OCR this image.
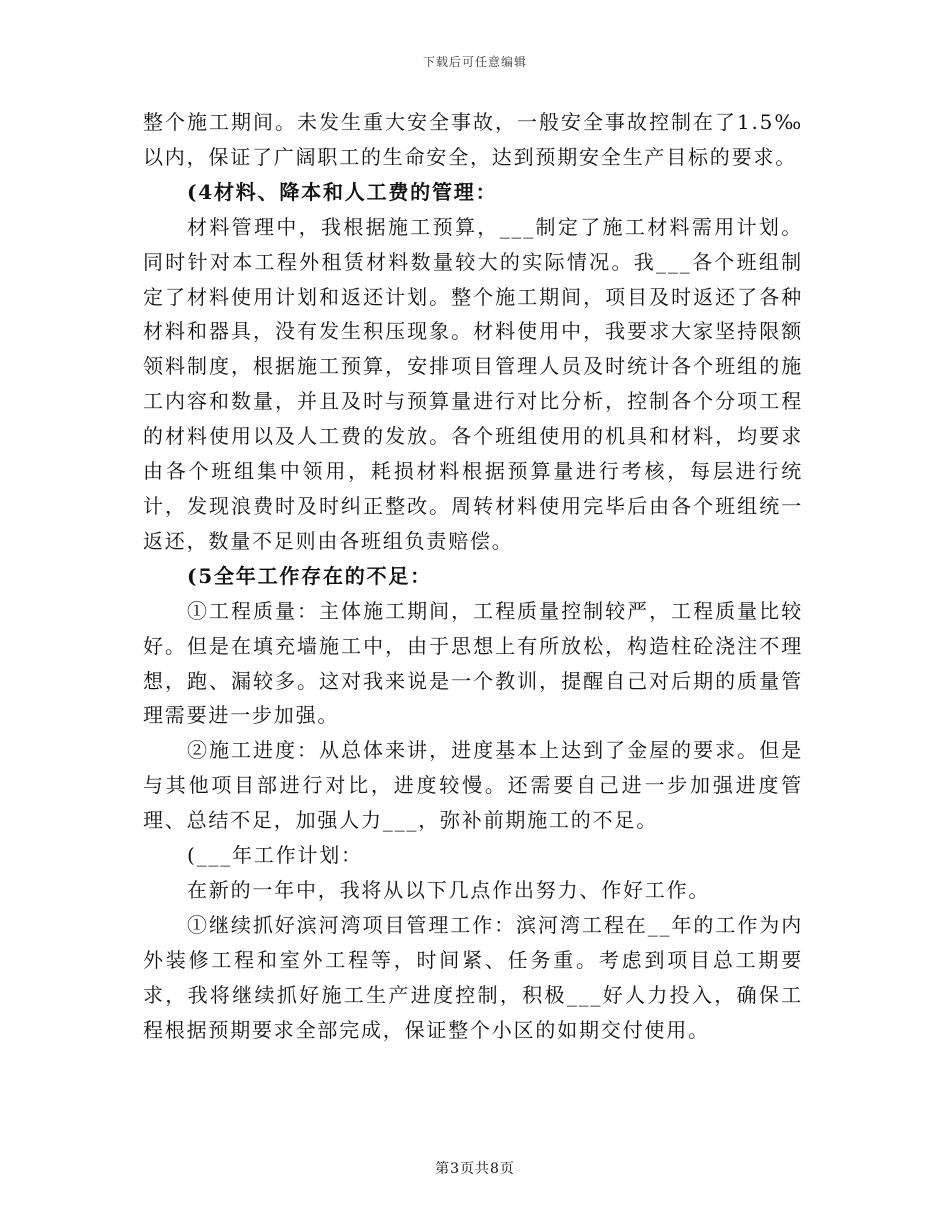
下载后可任意编辑

整个施工期间。未发生重大安全事故，一般安全事故控制在了1.5‰以内，保证了广阔职工的生命安全，达到预期安全生产目标的要求。

(4材料、降本和人工费的管理：

材料管理中，我根据施工预算，___制定了施工材料需用计划。同时针对本工程外租赁材料数量较大的实际情况。我___各个班组制定了材料使用计划和返还计划。整个施工期间，项目及时返还了各种材料和器具，没有发生积压现象。材料使用中，我要求大家坚持限额领料制度，根据施工预算，安排项目管理人员及时统计各个班组的施工内容和数量，并且及时与预算量进行对比分析，控制各个分项工程的材料使用以及人工费的发放。各个班组使用的机具和材料，均要求由各个班组集中领用，耗损材料根据预算量进行考核，每层进行统计，发现浪费时及时纠正整改。周转材料使用完毕后由各个班组统一返还，数量不足则由各班组负责赔偿。

(5全年工作存在的不足：

①工程质量：主体施工期间，工程质量控制较严，工程质量比较好。但是在填充墙施工中，由于思想上有所放松，构造柱砼浇注不理想，跑、漏较多。这对我来说是一个教训，提醒自己对后期的质量管理需要进一步加强。

②施工进度：从总体来讲，进度基本上达到了金屋的要求。但是与其他项目部进行对比，进度较慢。还需要自己进一步加强进度管理、总结不足，加强人力___，弥补前期施工的不足。

(___年工作计划：

在新的一年中，我将从以下几点作出努力、作好工作。

①继续抓好滨河湾项目管理工作：滨河湾工程在__年的工作为内外装修工程和室外工程等，时间紧、任务重。考虑到项目总工期要求，我将继续抓好施工生产进度控制，积极___好人力投入，确保工程根据预期要求全部完成，保证整个小区的如期交付使用。

第3页共8页
